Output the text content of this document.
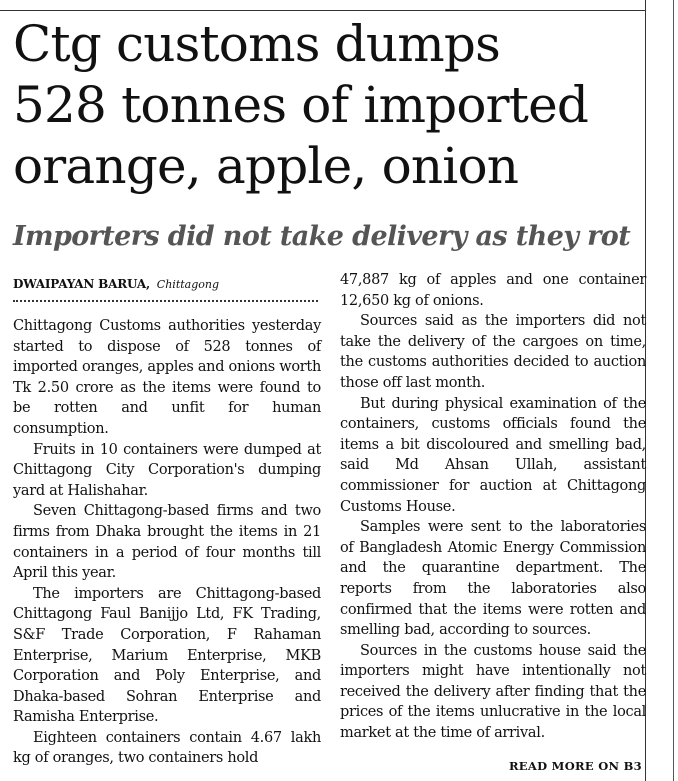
Ctg customs dumps
528 tonnes of imported
orange, apple, onion
Importers did not take delivery as they rot
DWAIPAYAN BARUA, Chittagong

Chittagong Customs authorities yesterday started to dispose of 528 tonnes of imported oranges, apples and onions worth Tk 2.50 crore as the items were found to be rotten and unfit for human consumption.

Fruits in 10 containers were dumped at Chittagong City Corporation's dumping yard at Halishahar.

Seven Chittagong-based firms and two firms from Dhaka brought the items in 21 containers in a period of four months till April this year.

The importers are Chittagong-based Chittagong Faul Banijjo Ltd, FK Trading, S&F Trade Corporation, F Rahaman Enterprise, Marium Enterprise, MKB Corporation and Poly Enterprise, and Dhaka-based Sohran Enterprise and Ramisha Enterprise.

Eighteen containers contain 4.67 lakh kg of oranges, two containers hold

47,887 kg of apples and one container 12,650 kg of onions.

Sources said as the importers did not take the delivery of the cargoes on time, the customs authorities decided to auction those off last month.

But during physical examination of the containers, customs officials found the items a bit discoloured and smelling bad, said Md Ahsan Ullah, assistant commissioner for auction at Chittagong Customs House.

Samples were sent to the laboratories of Bangladesh Atomic Energy Commission and the quarantine department. The reports from the laboratories also confirmed that the items were rotten and smelling bad, according to sources.

Sources in the customs house said the importers might have intentionally not received the delivery after finding that the prices of the items unlucrative in the local market at the time of arrival.

READ MORE ON B3
